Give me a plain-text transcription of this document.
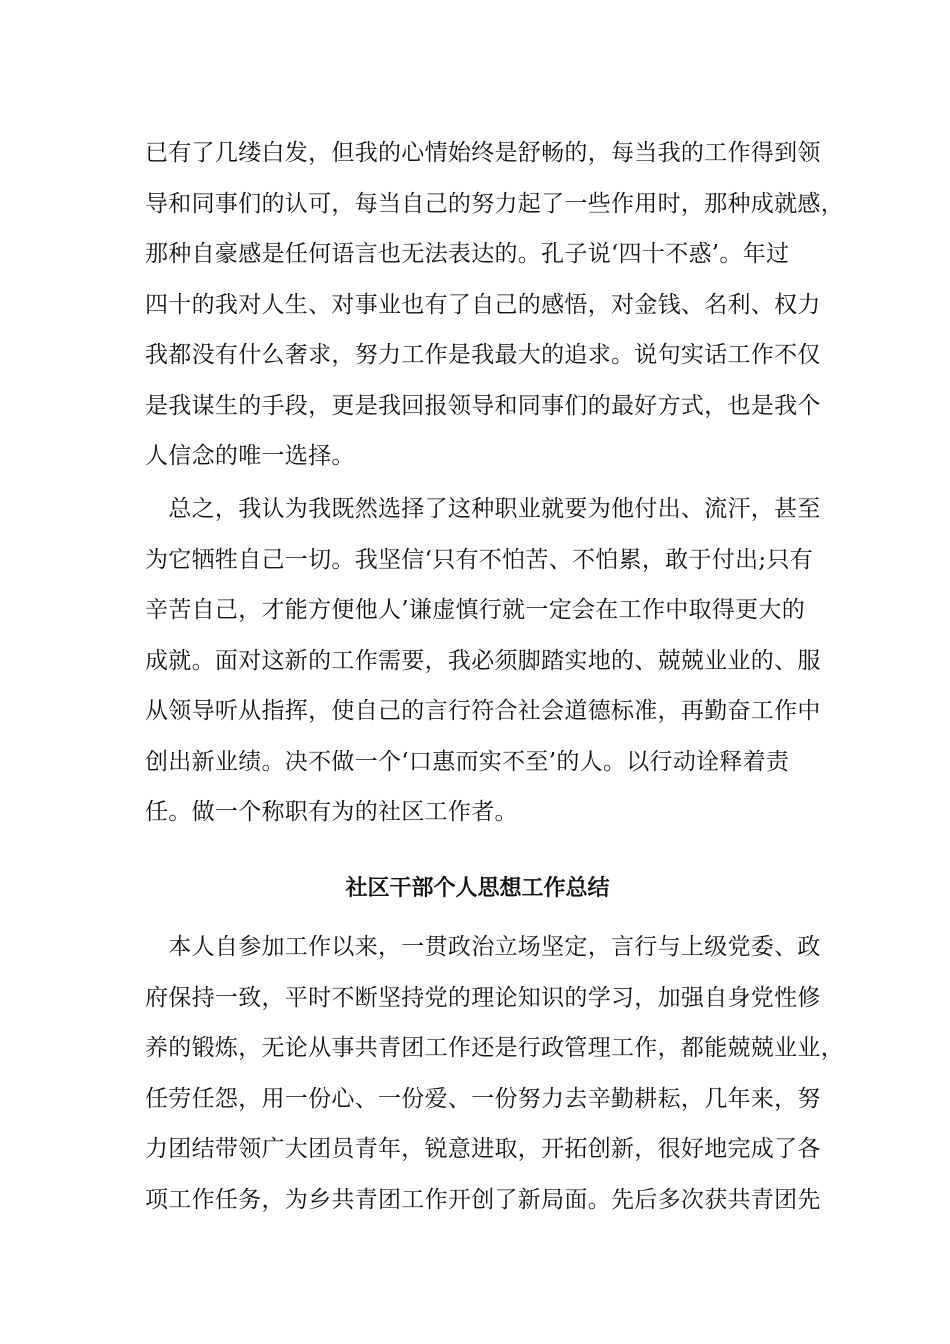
已有了几缕白发，但我的心情始终是舒畅的，每当我的工作得到领
导和同事们的认可，每当自己的努力起了一些作用时，那种成就感，
那种自豪感是任何语言也无法表达的。孔子说‘四十不惑’。年过
四十的我对人生、对事业也有了自己的感悟，对金钱、名利、权力
我都没有什么奢求，努力工作是我最大的追求。说句实话工作不仅
是我谋生的手段，更是我回报领导和同事们的最好方式，也是我个
人信念的唯一选择。
　总之，我认为我既然选择了这种职业就要为他付出、流汗，甚至
为它牺牲自己一切。我坚信‘只有不怕苦、不怕累，敢于付出;只有
辛苦自己，才能方便他人’谦虚慎行就一定会在工作中取得更大的
成就。面对这新的工作需要，我必须脚踏实地的、兢兢业业的、服
从领导听从指挥，使自己的言行符合社会道德标准，再勤奋工作中
创出新业绩。决不做一个‘口惠而实不至’的人。以行动诠释着责
任。做一个称职有为的社区工作者。
社区干部个人思想工作总结
　本人自参加工作以来，一贯政治立场坚定，言行与上级党委、政
府保持一致，平时不断坚持党的理论知识的学习，加强自身党性修
养的锻炼，无论从事共青团工作还是行政管理工作，都能兢兢业业，
任劳任怨，用一份心、一份爱、一份努力去辛勤耕耘，几年来，努
力团结带领广大团员青年，锐意进取，开拓创新，很好地完成了各
项工作任务，为乡共青团工作开创了新局面。先后多次获共青团先
